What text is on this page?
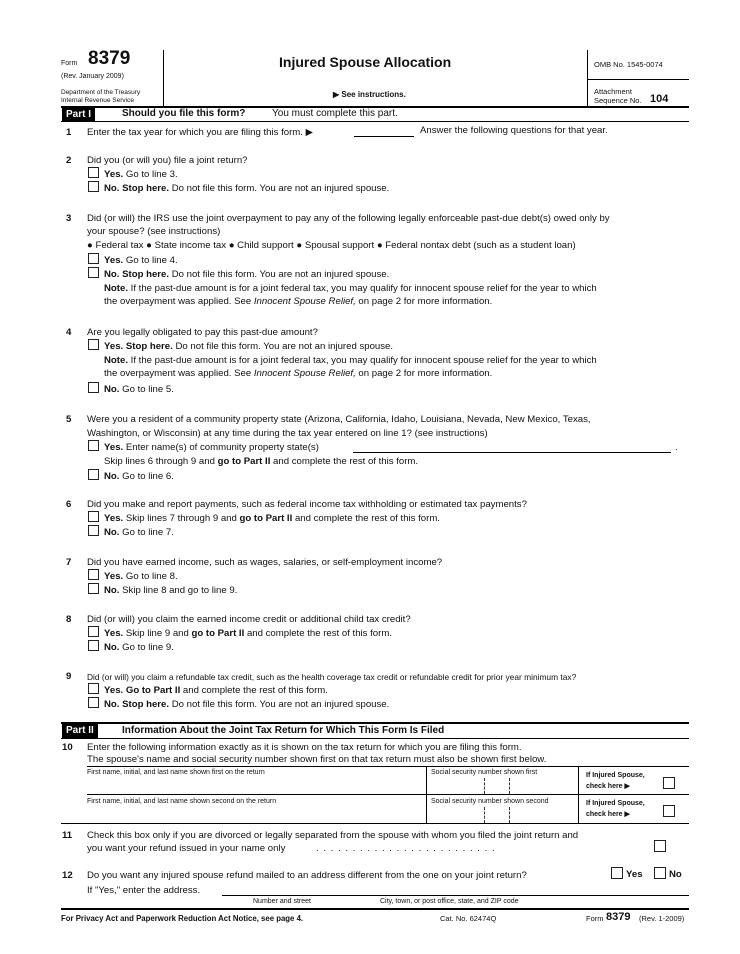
Form 8379
(Rev. January 2009)
Department of the Treasury
Internal Revenue Service
Injured Spouse Allocation
▶ See instructions.
OMB No. 1545-0074
Attachment
Sequence No. 104
Part I	Should you file this form?	You must complete this part.
1 Enter the tax year for which you are filing this form. ▶	Answer the following questions for that year.
2 Did you (or will you) file a joint return?
Yes. Go to line 3.
No. Stop here. Do not file this form. You are not an injured spouse.
3 Did (or will) the IRS use the joint overpayment to pay any of the following legally enforceable past-due debt(s) owed only by
your spouse? (see instructions)
● Federal tax ● State income tax ● Child support ● Spousal support ● Federal nontax debt (such as a student loan)
Yes. Go to line 4.
No. Stop here. Do not file this form. You are not an injured spouse.
Note. If the past-due amount is for a joint federal tax, you may qualify for innocent spouse relief for the year to which
the overpayment was applied. See Innocent Spouse Relief, on page 2 for more information.
4 Are you legally obligated to pay this past-due amount?
Yes. Stop here. Do not file this form. You are not an injured spouse.
Note. If the past-due amount is for a joint federal tax, you may qualify for innocent spouse relief for the year to which
the overpayment was applied. See Innocent Spouse Relief, on page 2 for more information.
No. Go to line 5.
5 Were you a resident of a community property state (Arizona, California, Idaho, Louisiana, Nevada, New Mexico, Texas,
Washington, or Wisconsin) at any time during the tax year entered on line 1? (see instructions)
Yes. Enter name(s) of community property state(s)	.
Skip lines 6 through 9 and go to Part II and complete the rest of this form.
No. Go to line 6.
6 Did you make and report payments, such as federal income tax withholding or estimated tax payments?
Yes. Skip lines 7 through 9 and go to Part II and complete the rest of this form.
No. Go to line 7.
7 Did you have earned income, such as wages, salaries, or self-employment income?
Yes. Go to line 8.
No. Skip line 8 and go to line 9.
8 Did (or will) you claim the earned income credit or additional child tax credit?
Yes. Skip line 9 and go to Part II and complete the rest of this form.
No. Go to line 9.
9 Did (or will) you claim a refundable tax credit, such as the health coverage tax credit or refundable credit for prior year minimum tax?
Yes. Go to Part II and complete the rest of this form.
No. Stop here. Do not file this form. You are not an injured spouse.
Part II	Information About the Joint Tax Return for Which This Form Is Filed
10 Enter the following information exactly as it is shown on the tax return for which you are filing this form.
The spouse's name and social security number shown first on that tax return must also be shown first below.
First name, initial, and last name shown first on the return	Social security number shown first	If Injured Spouse,
check here ▶
First name, initial, and last name shown second on the return	Social security number shown second	If Injured Spouse,
check here ▶
11 Check this box only if you are divorced or legally separated from the spouse with whom you filed the joint return and
you want your refund issued in your name only	. . . . . . . . . . . . . . . . . . . . . . . . .
12 Do you want any injured spouse refund mailed to an address different from the one on your joint return?	Yes	No
If "Yes," enter the address.
Number and street	City, town, or post office, state, and ZIP code
For Privacy Act and Paperwork Reduction Act Notice, see page 4.	Cat. No. 62474Q	Form 8379 (Rev. 1-2009)
